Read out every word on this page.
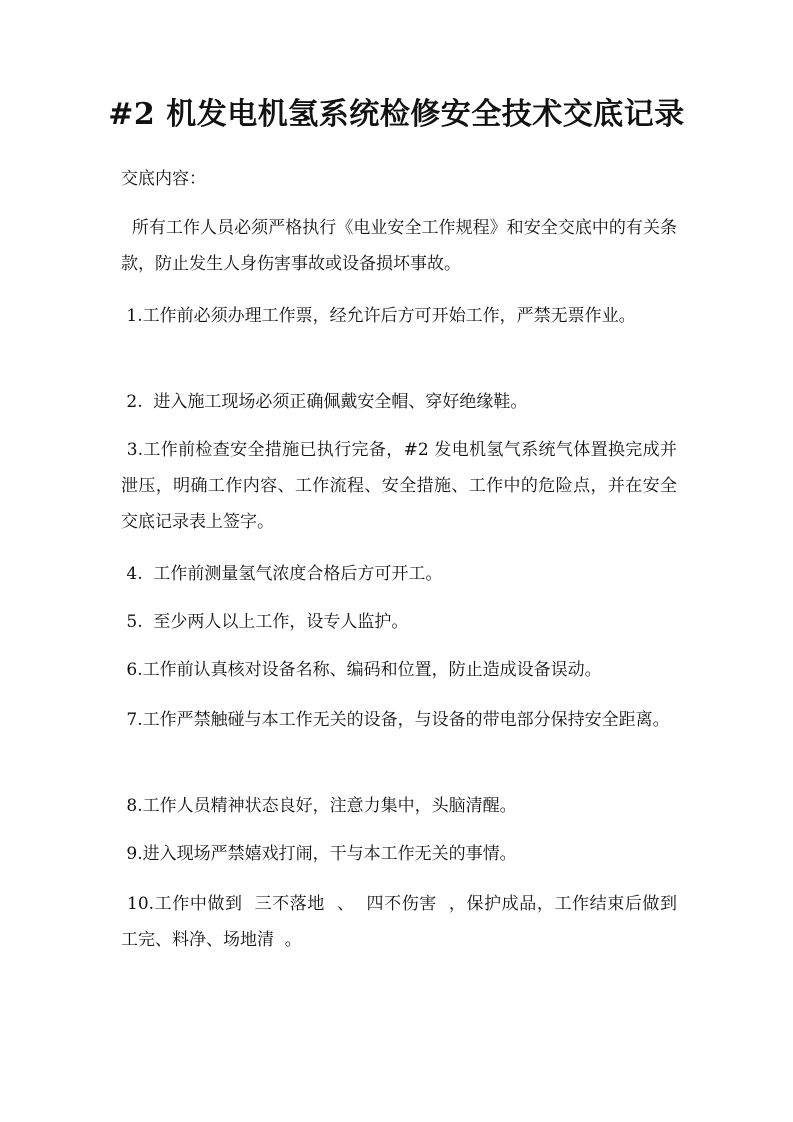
#2 机发电机氢系统检修安全技术交底记录

交底内容：

所有工作人员必须严格执行《电业安全工作规程》和安全交底中的有关条款，防止发生人身伤害事故或设备损坏事故。

1.工作前必须办理工作票，经允许后方可开始工作，严禁无票作业。

2.  进入施工现场必须正确佩戴安全帽、穿好绝缘鞋。

3.工作前检查安全措施已执行完备，#2 发电机氢气系统气体置换完成并泄压，明确工作内容、工作流程、安全措施、工作中的危险点，并在安全交底记录表上签字。

4.  工作前测量氢气浓度合格后方可开工。

5.  至少两人以上工作，设专人监护。

6.工作前认真核对设备名称、编码和位置，防止造成设备误动。

7.工作严禁触碰与本工作无关的设备，与设备的带电部分保持安全距离。

8.工作人员精神状态良好，注意力集中，头脑清醒。

9.进入现场严禁嬉戏打闹，干与本工作无关的事情。

10.工作中做到  三不落地  、  四不伤害  ，保护成品，工作结束后做到  工完、料净、场地清  。
